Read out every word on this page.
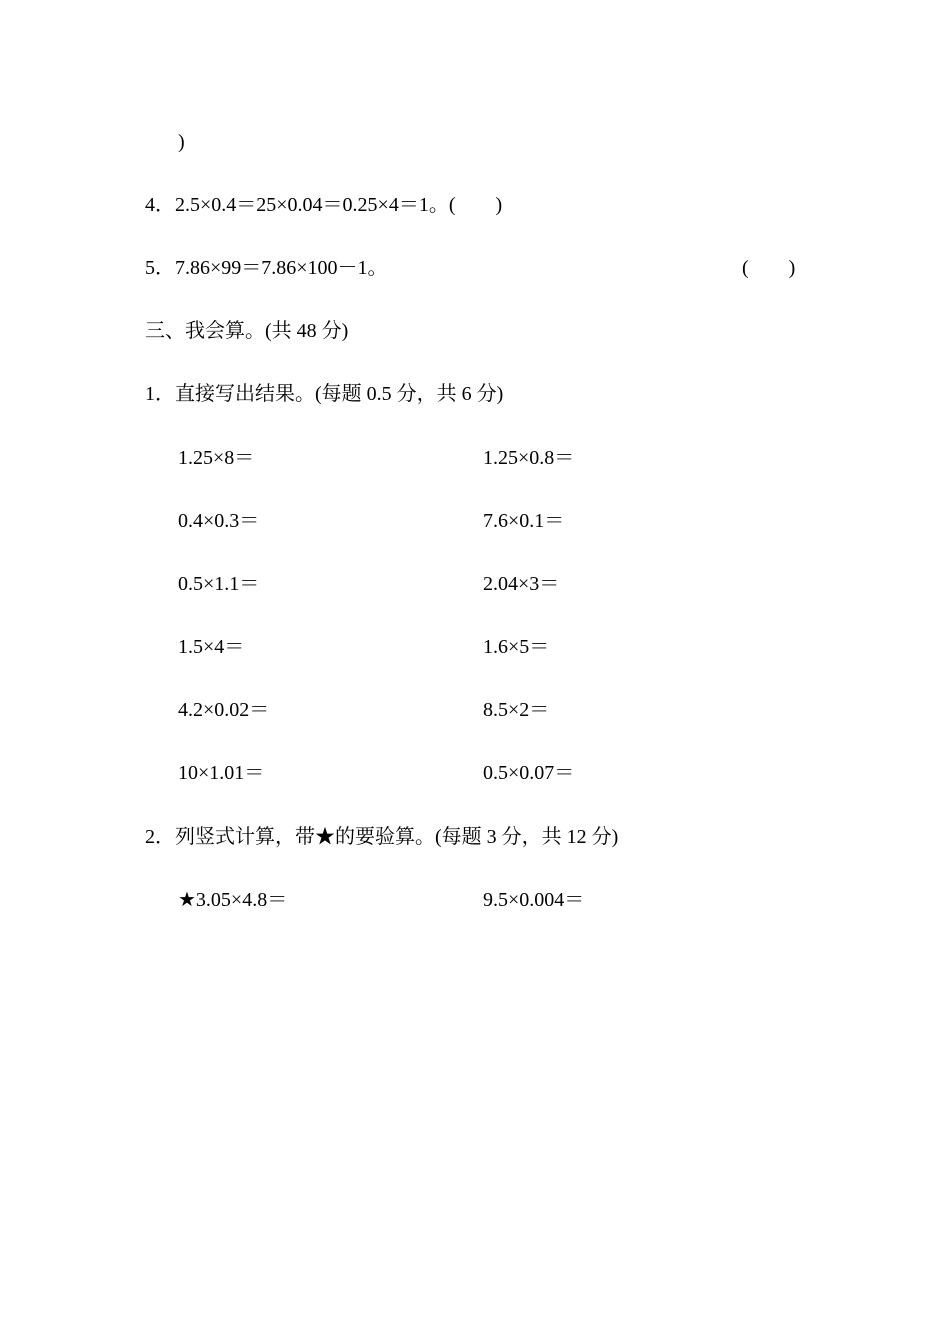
)
4．2.5×0.4＝25×0.04＝0.25×4＝1。(　　)
5．7.86×99＝7.86×100－1。	(　　)
三、我会算。(共 48 分)
1．直接写出结果。(每题 0.5 分，共 6 分)
1.25×8＝	1.25×0.8＝
0.4×0.3＝	7.6×0.1＝
0.5×1.1＝	2.04×3＝
1.5×4＝	1.6×5＝
4.2×0.02＝	8.5×2＝
10×1.01＝	0.5×0.07＝
2．列竖式计算，带★的要验算。(每题 3 分，共 12 分)
★3.05×4.8＝	9.5×0.004＝
